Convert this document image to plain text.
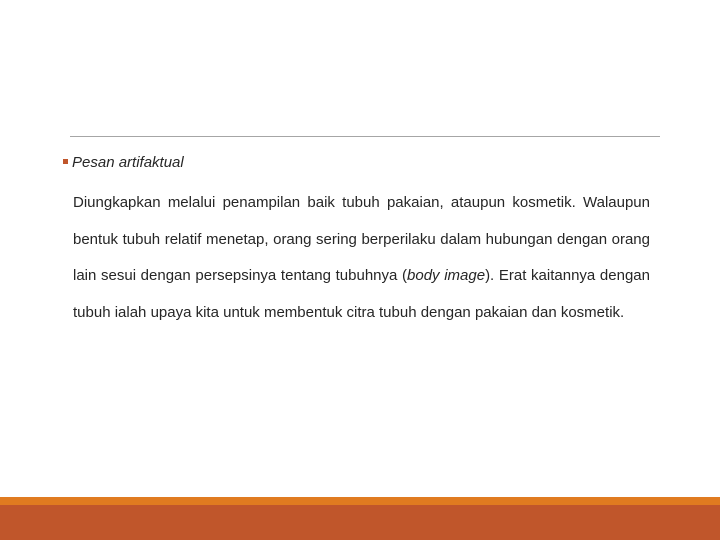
Pesan artifaktual

Diungkapkan melalui penampilan baik tubuh pakaian, ataupun kosmetik. Walaupun bentuk tubuh relatif menetap, orang sering berperilaku dalam hubungan dengan orang lain sesui dengan persepsinya tentang tubuhnya (body image). Erat kaitannya dengan tubuh ialah upaya kita untuk membentuk citra tubuh dengan pakaian dan kosmetik.
